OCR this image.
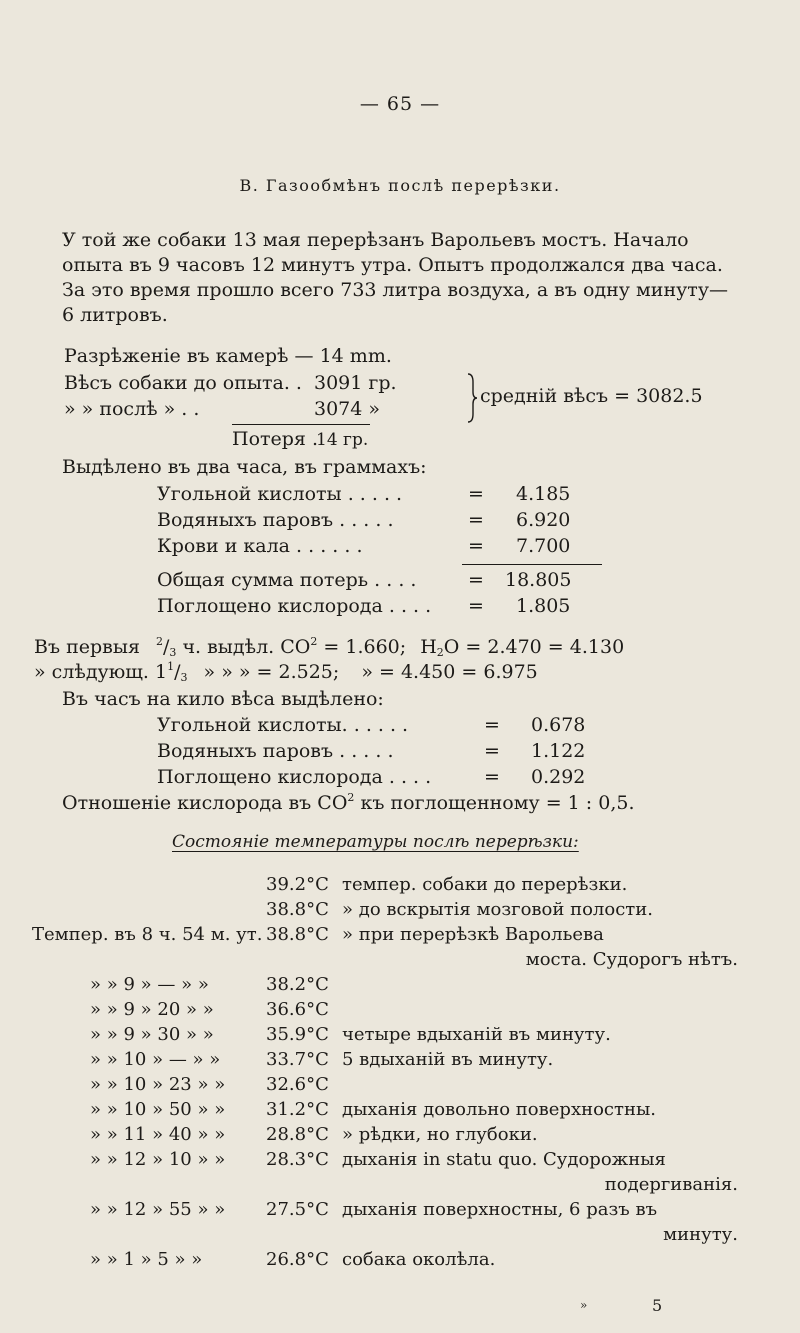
— 65 —
B. Газообмѣнъ послѣ перерѣзки.
У той же собаки 13 мая перерѣзанъ Варольевъ мостъ. Начало
опыта въ 9 часовъ 12 минутъ утра. Опытъ продолжался два часа.
За это время прошло всего 733 литра воздуха, а въ одну минуту—
6 литровъ.
Разрѣженіе въ камерѣ — 14 mm.
Вѣсъ собаки до опыта. . 3091 гр.
» » послѣ » . .	3074 »
средній вѣсъ = 3082.5
Потеря .
14 гр.
Выдѣлено въ два часа, въ граммахъ:
Угольной кислоты . . . . .	= 4.185
Водяныхъ паровъ . . . . .	= 6.920
Крови и кала . . . . . .	= 7.700
Общая сумма потерь . . . .	= 18.805
Поглощено кислорода . . . . = 1.805
Въ первыя $^2/_3$ ч. выдѣл. $CO^2 = 1.660$; $H_2O = 2.470 = 4.130$
» слѣдующ. $1^1/_3$ » » » = 2.525; » = 4.450 = 6.975
Въ часъ на кило вѣса выдѣлено:
Угольной кислоты. . . . . .	= 0.678
Водяныхъ паровъ . . . . .	= 1.122
Поглощено кислорода . . . .	= 0.292
Отношеніе кислорода въ $CO^2$ къ поглощенному = 1 : 0,5.
Состояніе температуры послѣ перерѣзки:
39.2°C темпер. собаки до перерѣзки.
38.8°C » до вскрытія мозговой полости.
Темпер. въ 8 ч. 54 м. ут. 38.8°C » при перерѣзкѣ Варольева
моста. Судорогъ нѣтъ.
» » 9 » — » »	38.2°C
» » 9 » 20 » »	36.6°C
» » 9 » 30 » »	35.9°C четыре вдыханій въ минуту.
» » 10 » — » »	33.7°C 5 вдыханій въ минуту.
» » 10 » 23 » » 32.6°C
» » 10 » 50 » » 31.2°C дыханія довольно поверхностны.
» » 11 » 40 » » 28.8°C » рѣдки, но глубоки.
» » 12 » 10 » » 28.3°C дыханія in statu quo. Судорожныя
подергиванія.
» » 12 » 55 » » 27.5°C дыханія поверхностны, 6 разъ въ
минуту.
» » 1 » 5 » »	26.8°C собака околѣла.
»	5
